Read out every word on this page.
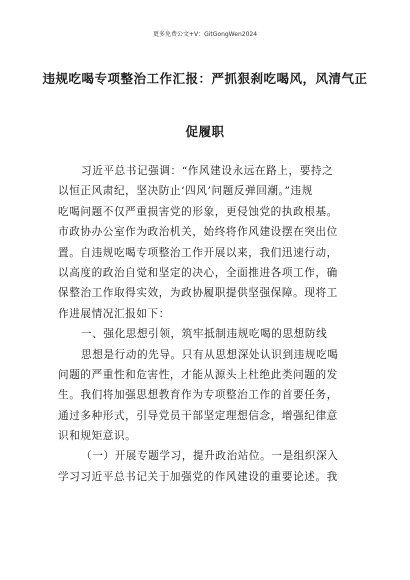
更多免费公文+V：GitGongWen2024
违规吃喝专项整治工作汇报：严抓狠刹吃喝风，风清气正
促履职
习近平总书记强调：“作风建设永远在路上，要持之
以恒正风肃纪，坚决防止‘四风’问题反弹回潮。”违规
吃喝问题不仅严重损害党的形象，更侵蚀党的执政根基。
市政协办公室作为政治机关，始终将作风建设摆在突出位
置。自违规吃喝专项整治工作开展以来，我们迅速行动，
以高度的政治自觉和坚定的决心，全面推进各项工作，确
保整治工作取得实效，为政协履职提供坚强保障。现将工
作进展情况汇报如下：
一、强化思想引领，筑牢抵制违规吃喝的思想防线
思想是行动的先导。只有从思想深处认识到违规吃喝
问题的严重性和危害性，才能从源头上杜绝此类问题的发
生。我们将加强思想教育作为专项整治工作的首要任务，
通过多种形式，引导党员干部坚定理想信念，增强纪律意
识和规矩意识。
（一）开展专题学习，提升政治站位。一是组织深入
学习习近平总书记关于加强党的作风建设的重要论述。我
